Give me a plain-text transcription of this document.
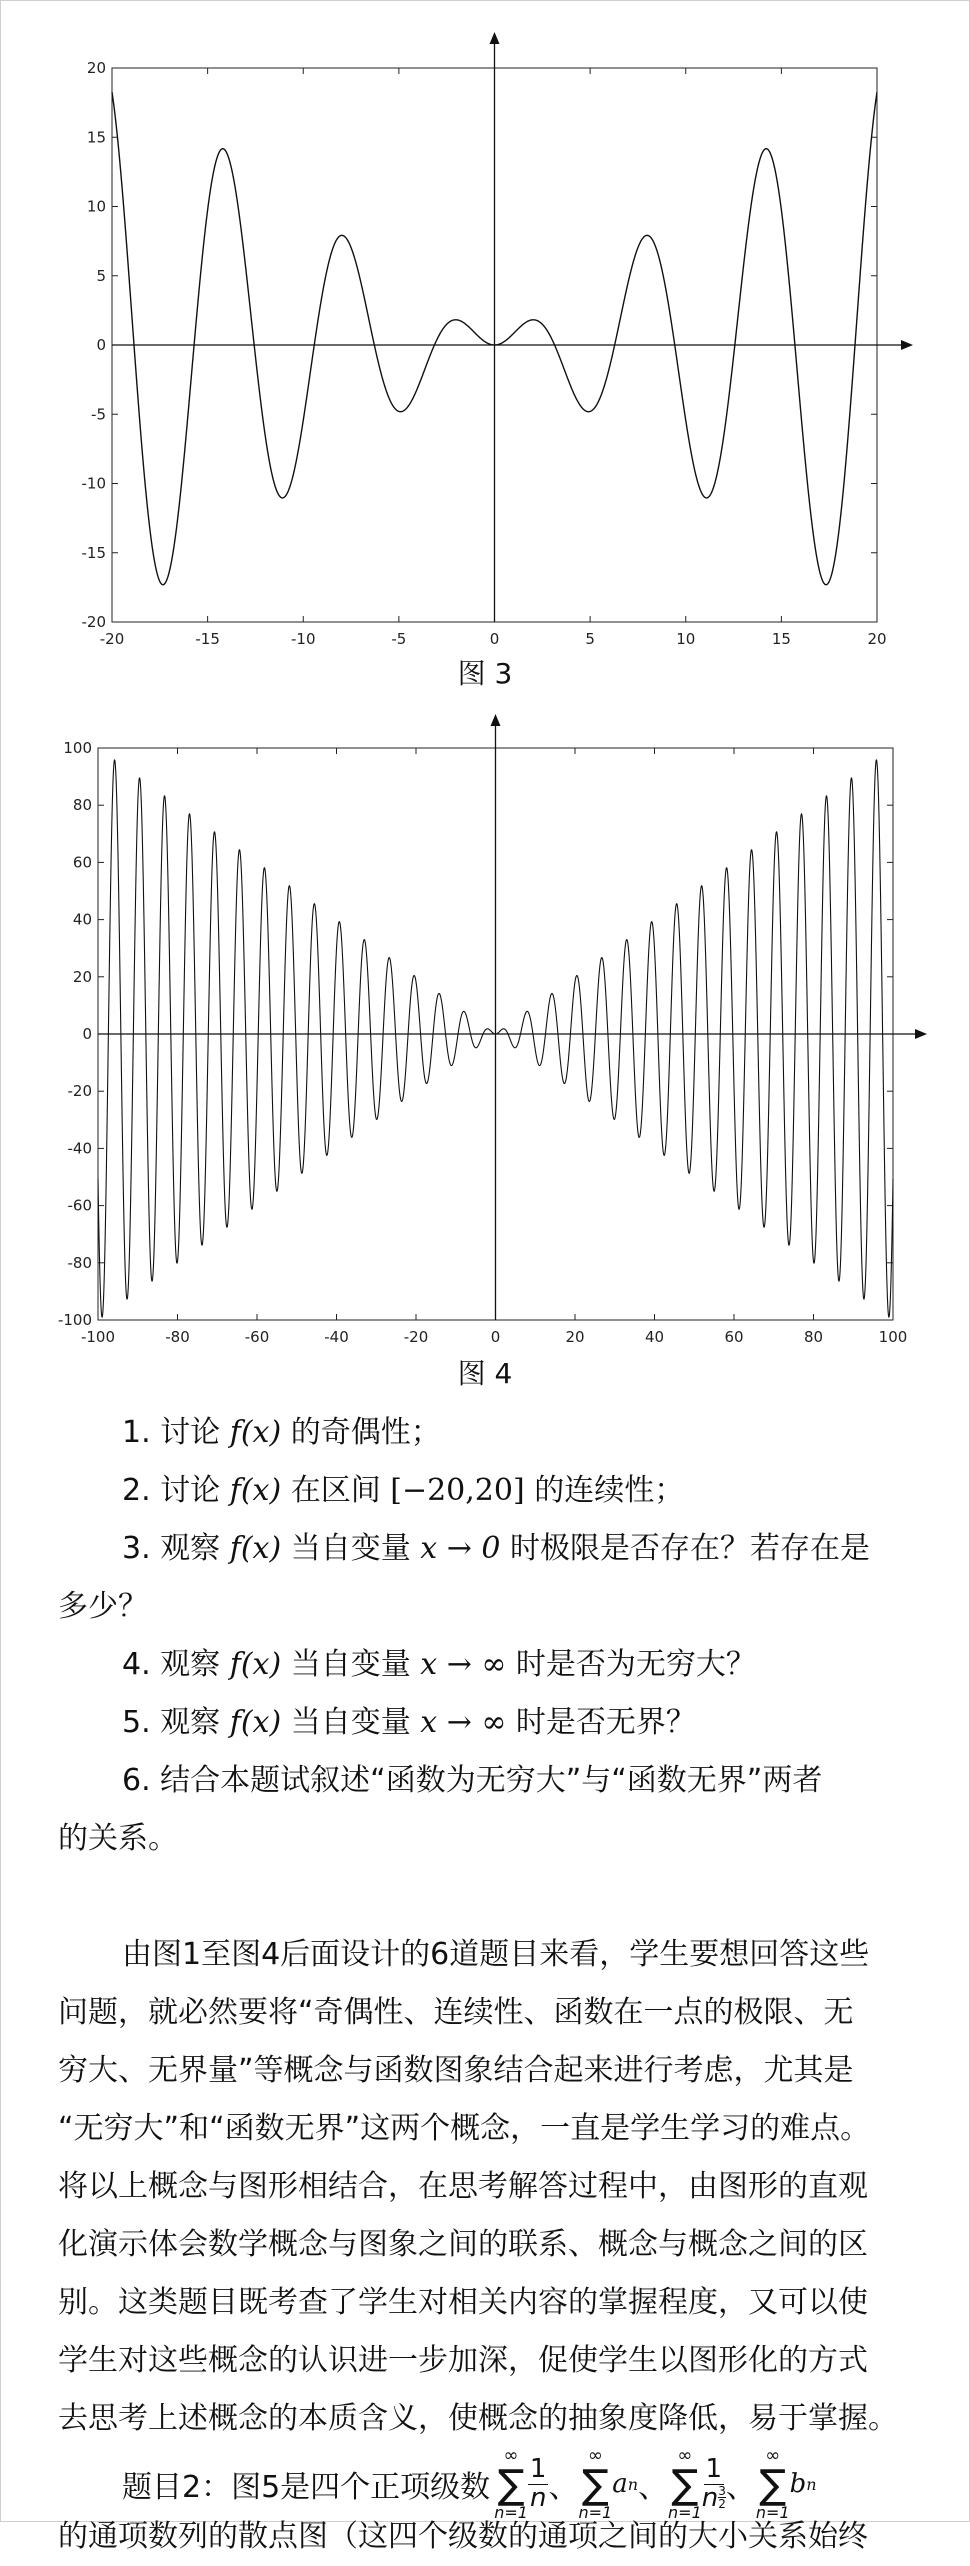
-20	-15	-10	-5	0	5	10	15	20
-20
-15
-10
-5
0
5
10
15
20
图 3
-100	-80	-60	-40	-20	0	20	40	60	80	100
-100
-80
-60
-40
-20
0
20
40
60
80
100
图 4

1. 讨论 f(x) 的奇偶性；

2. 讨论 f(x) 在区间 [−20,20] 的连续性；

3. 观察 f(x) 当自变量 x → 0 时极限是否存在？若存在是

多少？

4. 观察 f(x) 当自变量 x → ∞ 时是否为无穷大？

5. 观察 f(x) 当自变量 x → ∞ 时是否无界？

6. 结合本题试叙述“函数为无穷大”与“函数无界”两者

的关系。

由图1至图4后面设计的6道题目来看，学生要想回答这些

问题，就必然要将“奇偶性、连续性、函数在一点的极限、无

穷大、无界量”等概念与函数图象结合起来进行考虑，尤其是

“无穷大”和“函数无界”这两个概念，一直是学生学习的难点。

将以上概念与图形相结合，在思考解答过程中，由图形的直观

化演示体会数学概念与图象之间的联系、概念与概念之间的区

别。这类题目既考查了学生对相关内容的掌握程度，又可以使

学生对这些概念的认识进一步加深，促使学生以图形化的方式

去思考上述概念的本质含义，使概念的抽象度降低，易于掌握。

题目2：图5是四个正项级数
∞
∑
n=1
$\frac{1}{n}$ 、
∞
∑
n=1
a n 、
∞
∑
n=1
1
n $^{\frac{3}{2}}$ 、
∞
∑
n=1
b n

的通项数列的散点图（这四个级数的通项之间的大小关系始终
